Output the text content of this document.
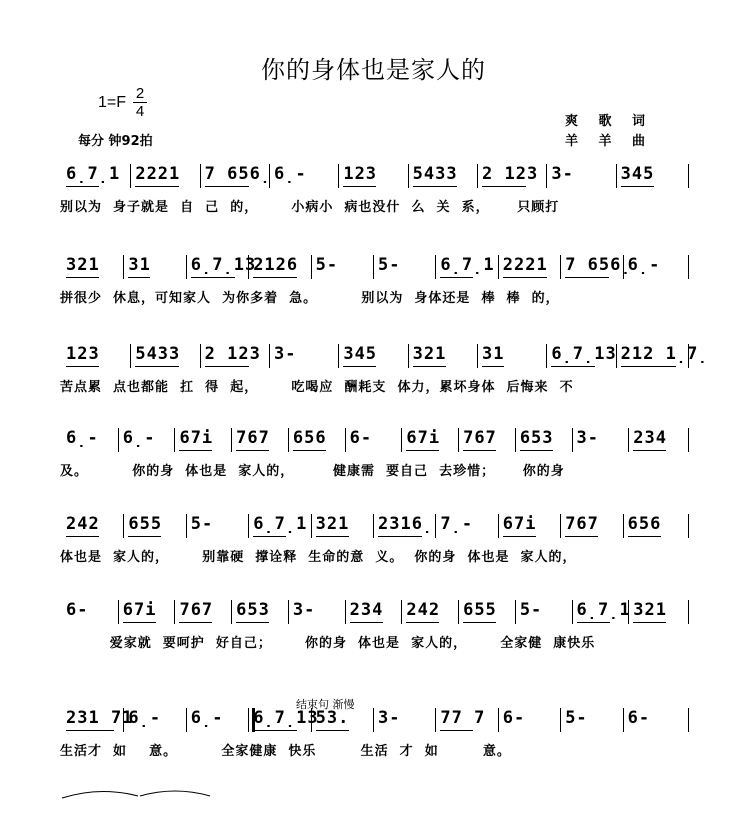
你的身体也是家人的
1=F
2
4
每分 钟92拍
爽 歌 词
羊 羊 曲
结束句 渐慢
6̣7̣1 2221 7 656̣ 6̣- 123 5433 2 123 3-	345
别以为  身子就是  自  己  的，      小病小  病也没什  么  关  系，     只顾打
321 31 6̣7̣13
2126 5- 5- 6̣7̣1 2221 7 656̣
6̣-
拼很少  休息，可知家人  为你多着  急。        别以为  身体还是  棒  棒  的，
123 5433 2 123 3-	345 321 31	6̣7̣13 212 1̣7̣
苦点累  点也都能  扛  得  起，      吃喝应  酬耗支  体力，累坏身体  后悔来  不
6̣- 6̣- 67i 767 656 6- 67i 767 653 3- 234
及。        你的身  体也是  家人的，       健康需  要自己  去珍惜；     你的身
242 655 5- 6̣7̣1 321 2316̣ 7̣- 67i 767 656
体也是  家人的，      别靠硬  撑诠释  生命的意  义。  你的身  体也是  家人的，
6- 67i 767 653 3- 234 242 655 5- 6̣7̣1 321
爱家就  要呵护  好自己；      你的身  体也是  家人的，      全家健  康快乐
231 71
6̣- 6̣- 6̣7̣13
53. 3- 77 7 6- 5- 6-
生活才  如    意。        全家健康  快乐        生活  才  如        意。
